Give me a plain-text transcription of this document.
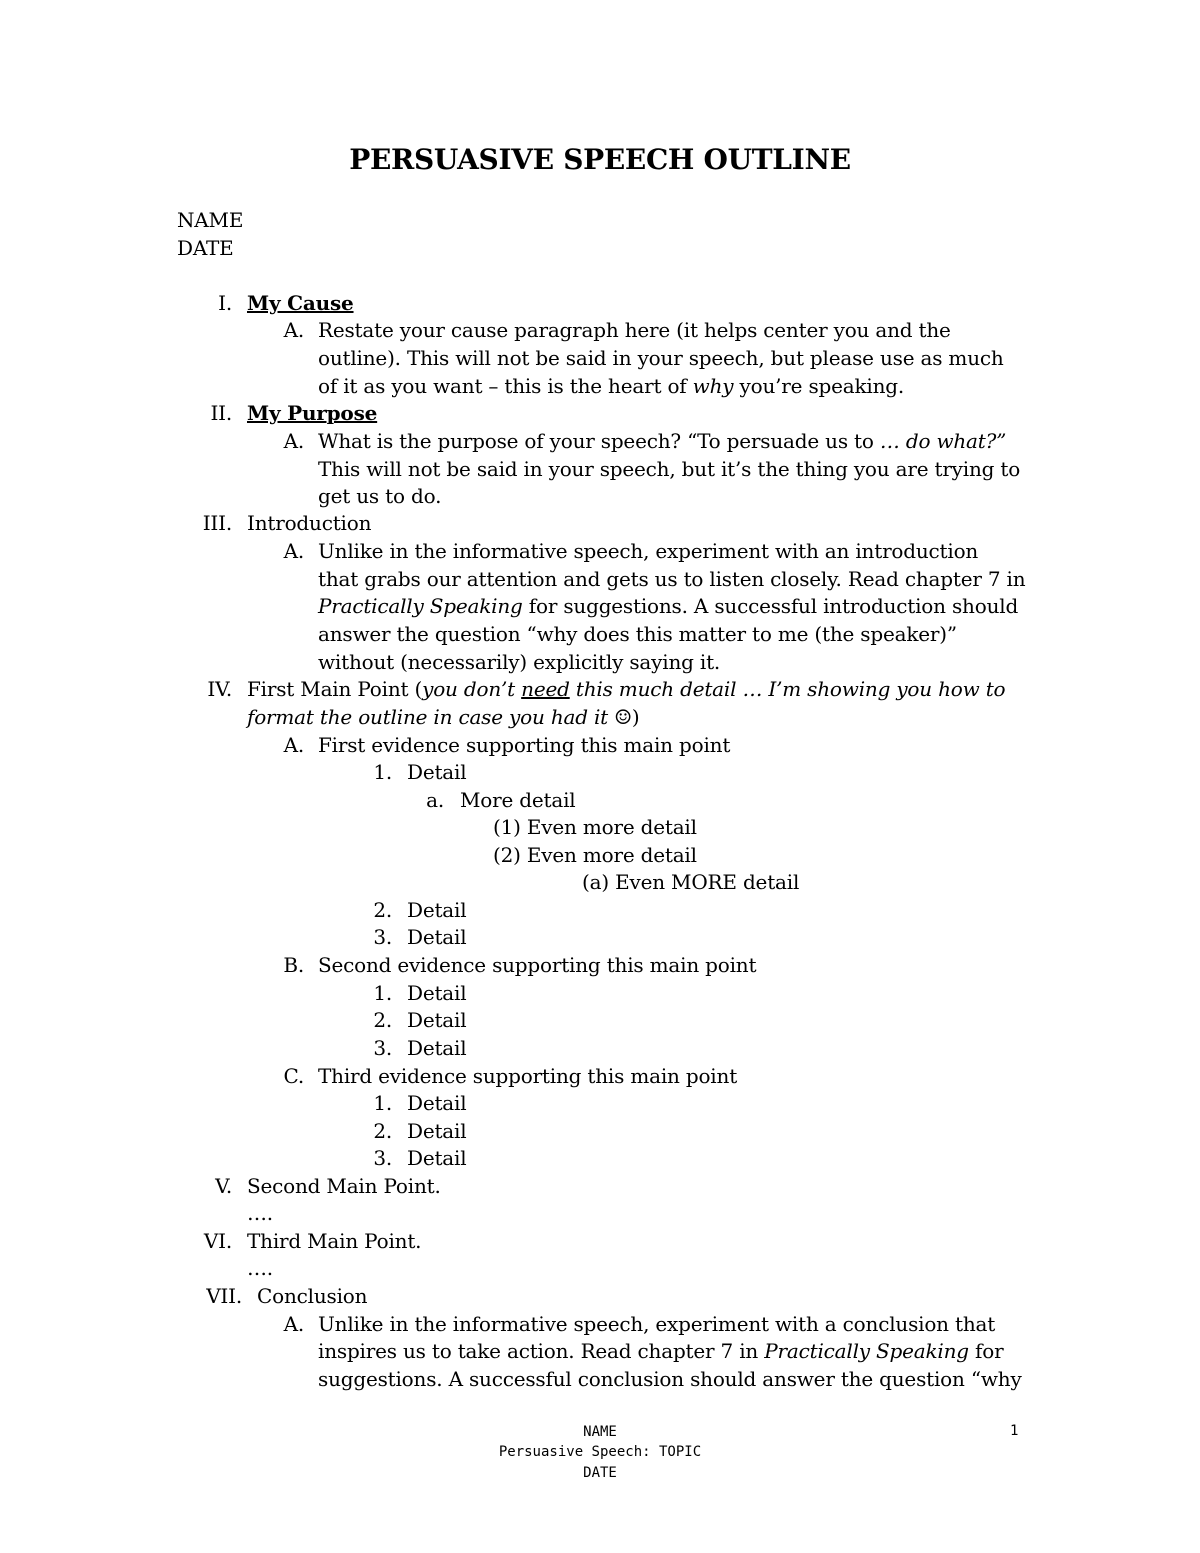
PERSUASIVE SPEECH OUTLINE
NAME
DATE
I. My Cause
A. Restate your cause paragraph here (it helps center you and the
outline). This will not be said in your speech, but please use as much
of it as you want – this is the heart of why you’re speaking.
II. My Purpose
A. What is the purpose of your speech? “To persuade us to … do what?”
This will not be said in your speech, but it’s the thing you are trying to
get us to do.
III. Introduction
A. Unlike in the informative speech, experiment with an introduction
that grabs our attention and gets us to listen closely. Read chapter 7 in
Practically Speaking for suggestions. A successful introduction should
answer the question “why does this matter to me (the speaker)”
without (necessarily) explicitly saying it.
IV. First Main Point (you don’t need this much detail … I’m showing you how to
format the outline in case you had it ☺)
A. First evidence supporting this main point
1. Detail
a. More detail
(1) Even more detail
(2) Even more detail
(a) Even MORE detail
2. Detail
3. Detail
B. Second evidence supporting this main point
1. Detail
2. Detail
3. Detail
C. Third evidence supporting this main point
1. Detail
2. Detail
3. Detail
V. Second Main Point.
….
VI. Third Main Point.
….
VII. Conclusion
A. Unlike in the informative speech, experiment with a conclusion that
inspires us to take action. Read chapter 7 in Practically Speaking for
suggestions. A successful conclusion should answer the question “why
NAME
Persuasive Speech: TOPIC
DATE
1
